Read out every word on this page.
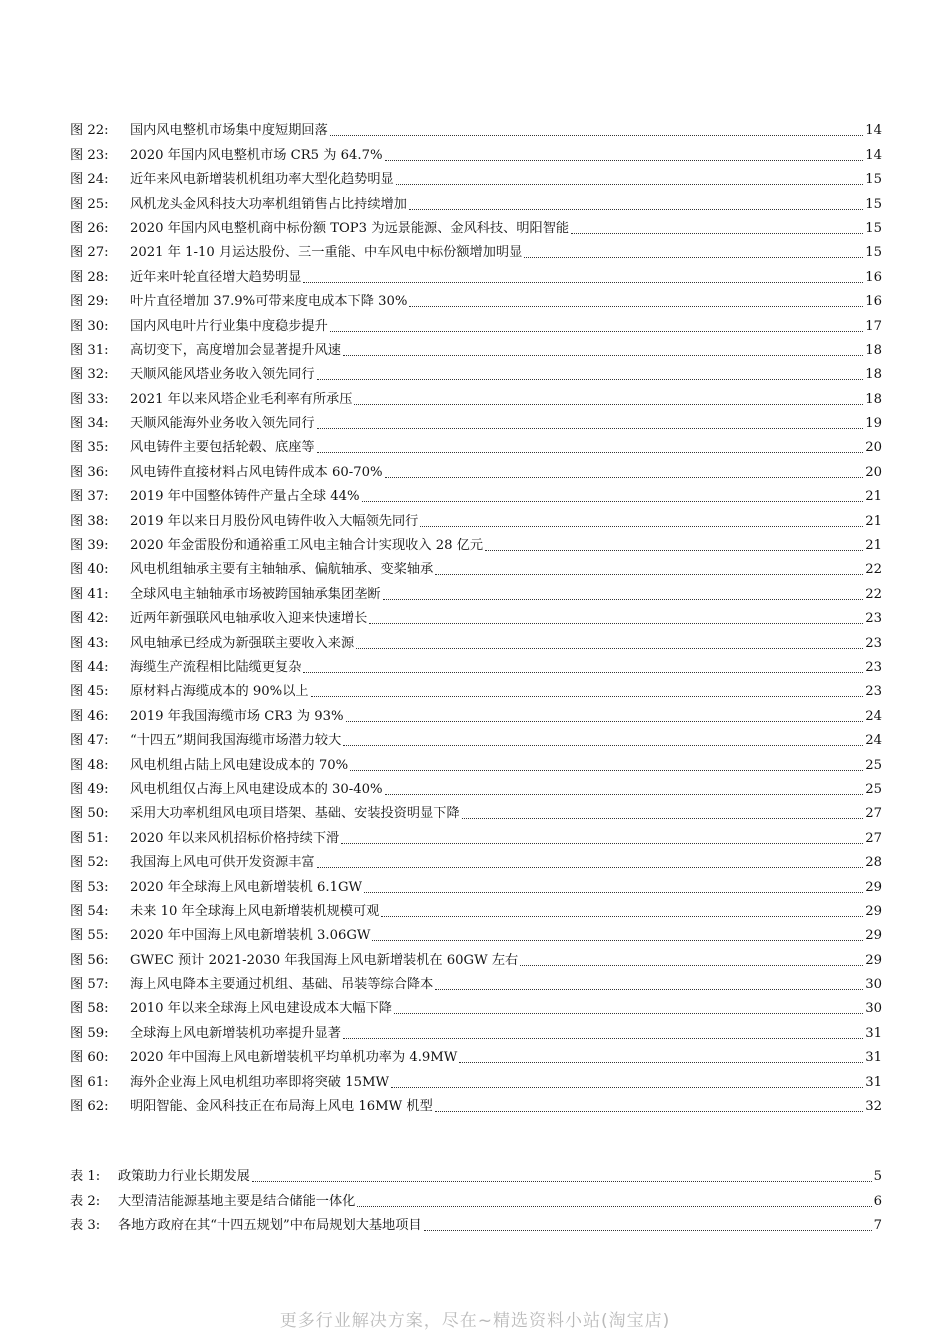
图 22:	国内风电整机市场集中度短期回落	14
图 23:	2020 年国内风电整机市场 CR5 为 64.7%	14
图 24:	近年来风电新增装机机组功率大型化趋势明显	15
图 25:	风机龙头金风科技大功率机组销售占比持续增加	15
图 26:	2020 年国内风电整机商中标份额 TOP3 为远景能源、金风科技、明阳智能	15
图 27:	2021 年 1-10 月运达股份、三一重能、中车风电中标份额增加明显	15
图 28:	近年来叶轮直径增大趋势明显	16
图 29:	叶片直径增加 37.9%可带来度电成本下降 30%	16
图 30:	国内风电叶片行业集中度稳步提升	17
图 31:	高切变下，高度增加会显著提升风速	18
图 32:	天顺风能风塔业务收入领先同行	18
图 33:	2021 年以来风塔企业毛利率有所承压	18
图 34:	天顺风能海外业务收入领先同行	19
图 35:	风电铸件主要包括轮毂、底座等	20
图 36:	风电铸件直接材料占风电铸件成本 60-70%	20
图 37:	2019 年中国整体铸件产量占全球 44%	21
图 38:	2019 年以来日月股份风电铸件收入大幅领先同行	21
图 39:	2020 年金雷股份和通裕重工风电主轴合计实现收入 28 亿元	21
图 40:	风电机组轴承主要有主轴轴承、偏航轴承、变桨轴承	22
图 41:	全球风电主轴轴承市场被跨国轴承集团垄断	22
图 42:	近两年新强联风电轴承收入迎来快速增长	23
图 43:	风电轴承已经成为新强联主要收入来源	23
图 44:	海缆生产流程相比陆缆更复杂	23
图 45:	原材料占海缆成本的 90%以上	23
图 46:	2019 年我国海缆市场 CR3 为 93%	24
图 47:	“十四五”期间我国海缆市场潜力较大	24
图 48:	风电机组占陆上风电建设成本的 70%	25
图 49:	风电机组仅占海上风电建设成本的 30-40%	25
图 50:	采用大功率机组风电项目塔架、基础、安装投资明显下降	27
图 51:	2020 年以来风机招标价格持续下滑	27
图 52:	我国海上风电可供开发资源丰富	28
图 53:	2020 年全球海上风电新增装机 6.1GW	29
图 54:	未来 10 年全球海上风电新增装机规模可观	29
图 55:	2020 年中国海上风电新增装机 3.06GW	29
图 56:	GWEC 预计 2021-2030 年我国海上风电新增装机在 60GW 左右	29
图 57:	海上风电降本主要通过机组、基础、吊装等综合降本	30
图 58:	2010 年以来全球海上风电建设成本大幅下降	30
图 59:	全球海上风电新增装机功率提升显著	31
图 60:	2020 年中国海上风电新增装机平均单机功率为 4.9MW	31
图 61:	海外企业海上风电机组功率即将突破 15MW	31
图 62:	明阳智能、金风科技正在布局海上风电 16MW 机型	32
表 1:	政策助力行业长期发展	5
表 2:	大型清洁能源基地主要是结合储能一体化	6
表 3:	各地方政府在其“十四五规划”中布局规划大基地项目	7
更多行业解决方案，尽在~精选资料小站(淘宝店)
